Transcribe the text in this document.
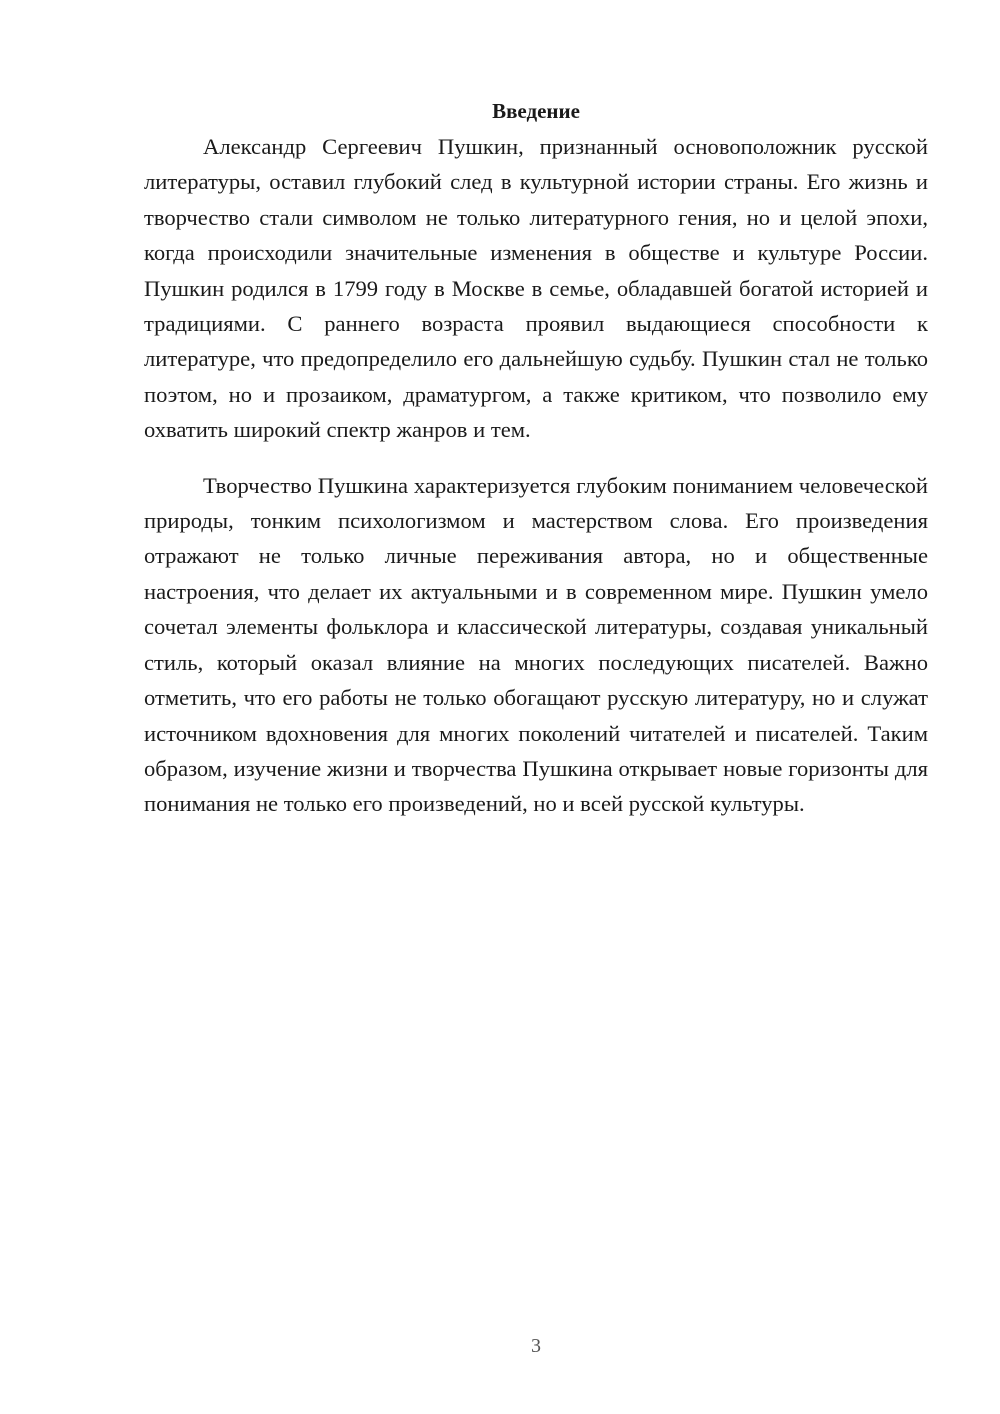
Введение

Александр Сергеевич Пушкин, признанный основоположник русской литературы, оставил глубокий след в культурной истории страны. Его жизнь и творчество стали символом не только литературного гения, но и целой эпохи, когда происходили значительные изменения в обществе и культуре России. Пушкин родился в 1799 году в Москве в семье, обладавшей богатой историей и традициями. С раннего возраста проявил выдающиеся способности к литературе, что предопределило его дальнейшую судьбу. Пушкин стал не только поэтом, но и прозаиком, драматургом, а также критиком, что позволило ему охватить широкий спектр жанров и тем.

Творчество Пушкина характеризуется глубоким пониманием человеческой природы, тонким психологизмом и мастерством слова. Его произведения отражают не только личные переживания автора, но и общественные настроения, что делает их актуальными и в современном мире. Пушкин умело сочетал элементы фольклора и классической литературы, создавая уникальный стиль, который оказал влияние на многих последующих писателей. Важно отметить, что его работы не только обогащают русскую литературу, но и служат источником вдохновения для многих поколений читателей и писателей. Таким образом, изучение жизни и творчества Пушкина открывает новые горизонты для понимания не только его произведений, но и всей русской культуры.

3
